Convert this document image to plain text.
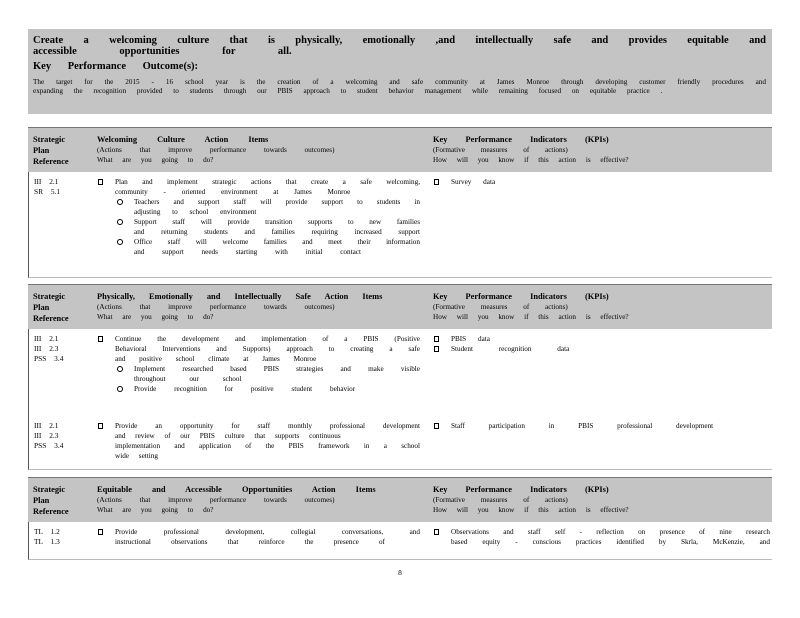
Create a welcoming culture that is physically, emotionally ,and intellectually safe and provides equitable and
accessible opportunities for all.
Key Performance Outcome(s):
The target for the 2015 - 16 school year is the creation of a welcoming and safe community at James Monroe through developing customer friendly procedures and
expanding the recognition provided to students through our PBIS approach to student behavior management while remaining focused on equitable practice .
Strategic
Plan
Reference
Welcoming Culture Action Items
(Actions that improve performance towards outcomes)
What are you going to do?
Key Performance Indicators (KPIs)
(Formative measures of actions)
How will you know if this action is effective?
III 2.1
SR 5.1
Plan and implement strategic actions that create a safe welcoming,
community - oriented environment at James Monroe
Teachers and support staff will provide support to students in
adjusting to school environment
Support staff will provide transition supports to new families
and returning students and families requiring increased support
Office staff will welcome families and meet their information
and support needs starting with initial contact
Survey data
Strategic
Plan
Reference
Physically, Emotionally and Intellectually Safe Action Items
(Actions that improve performance towards outcomes)
What are you going to do?
Key Performance Indicators (KPIs)
(Formative measures of actions)
How will you know if this action is effective?
III 2.1
III 2.3
PSS 3.4
Continue the development and implementation of a PBIS (Positive
Behavioral Interventions and Supports) approach to creating a safe
and positive school climate at James Monroe
Implement researched based PBIS strategies and make visible
throughout our school
Provide recognition for positive student behavior
PBIS data
Student recognition data
III 2.1
III 2.3
PSS 3.4
Provide an opportunity for staff monthly professional development
and review of our PBIS culture that supports continuous
implementation and application of the PBIS framework in a school
wide setting
Staff participation in PBIS professional development
Strategic
Plan
Reference
Equitable and Accessible Opportunities Action Items
(Actions that improve performance towards outcomes)
What are you going to do?
Key Performance Indicators (KPIs)
(Formative measures of actions)
How will you know if this action is effective?
TL 1.2
TL 1.3
Provide professional development, collegial conversations, and
instructional observations that reinforce the presence of
Observations and staff self - reflection on presence of nine research
based equity - conscious practices identified by Skrla, McKenzie, and
8
